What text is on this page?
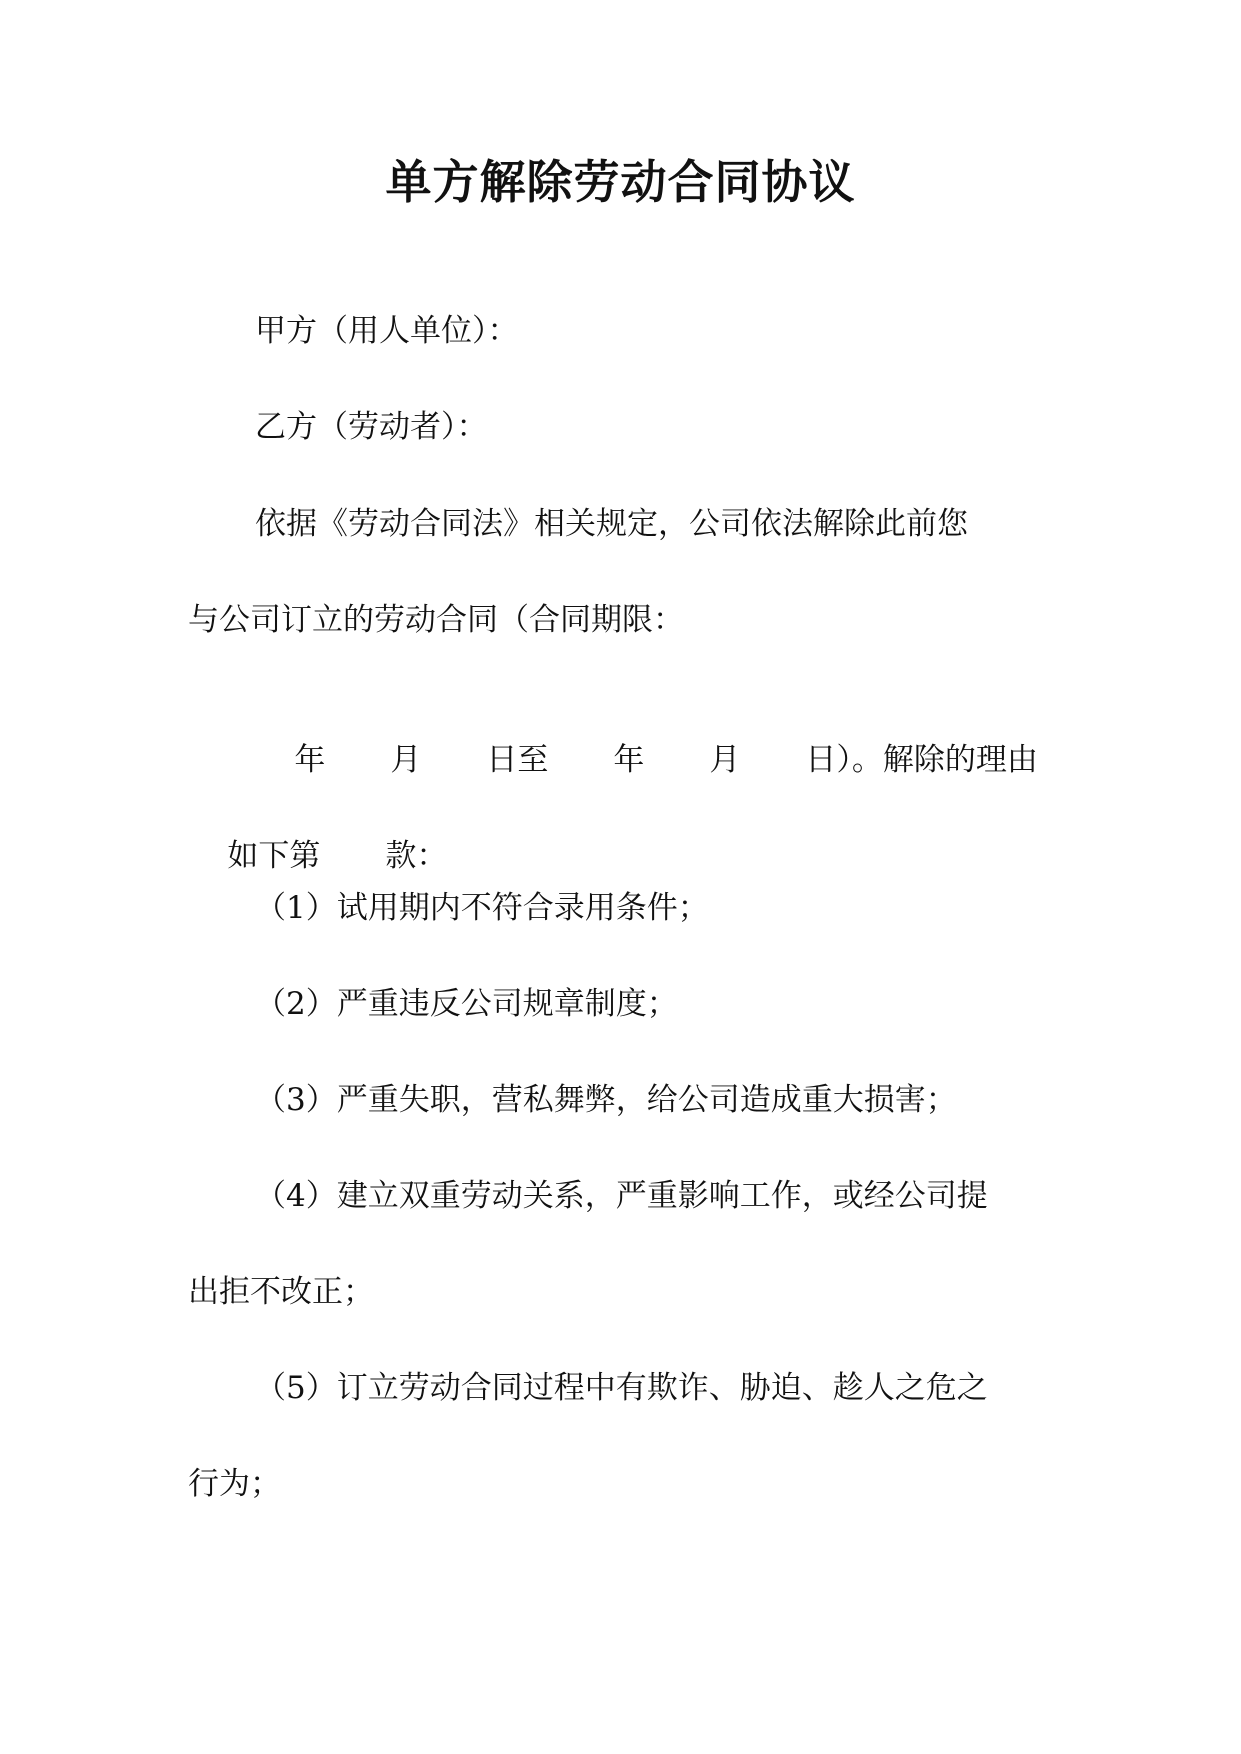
单方解除劳动合同协议
甲方（用人单位）：
乙方（劳动者）：
依据《劳动合同法》相关规定，公司依法解除此前您
与公司订立的劳动合同（合同期限：

年 月 日至 年 月 日）。解除的理由

如下第 款：

（1）试用期内不符合录用条件；
（2）严重违反公司规章制度；
（3）严重失职，营私舞弊，给公司造成重大损害；
（4）建立双重劳动关系，严重影响工作，或经公司提
出拒不改正；
（5）订立劳动合同过程中有欺诈、胁迫、趁人之危之
行为；
